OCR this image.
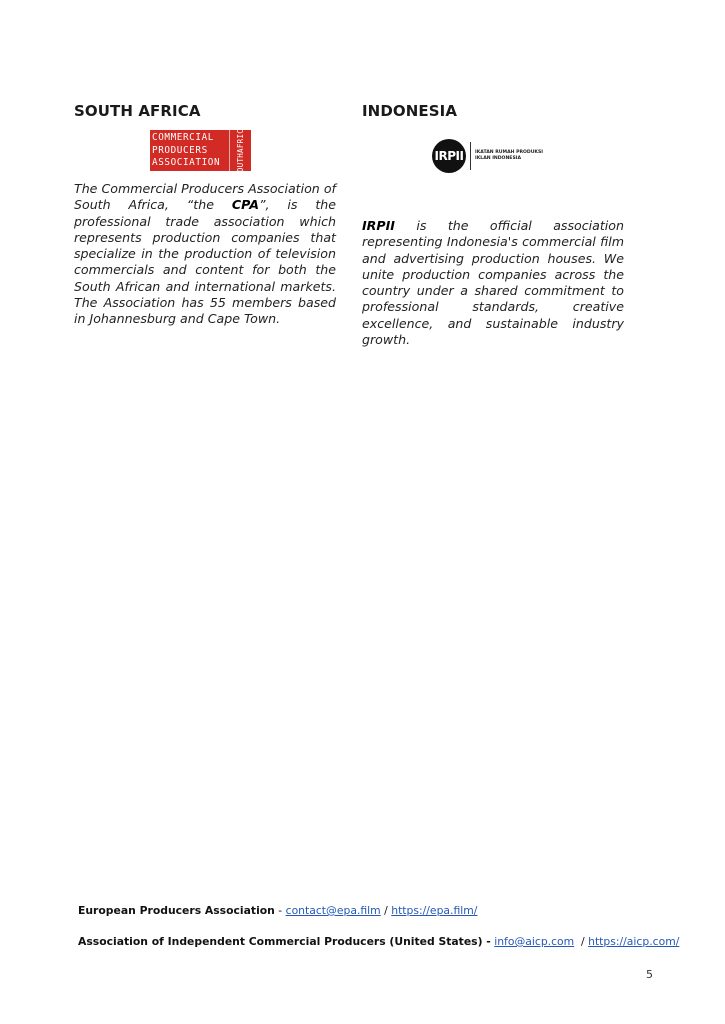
SOUTH AFRICA
COMMERCIAL
PRODUCERS
ASSOCIATION	SOUTH
AFRICA

The Commercial Producers Association of South Africa, “the CPA”, is the professional trade association which represents production companies that specialize in the production of television commercials and content for both the South African and international markets. The Association has 55 members based in Johannesburg and Cape Town.

INDONESIA
IRPII	IKATAN RUMAH PRODUKSI
IKLAN INDONESIA

IRPII is the official association representing Indonesia's commercial film and advertising production houses. We unite production companies across the country under a shared commitment to professional standards, creative excellence, and sustainable industry growth.

European Producers Association - contact@epa.film / https://epa.film/
Association of Independent Commercial Producers (United States) - info@aicp.com  / https://aicp.com/
5
